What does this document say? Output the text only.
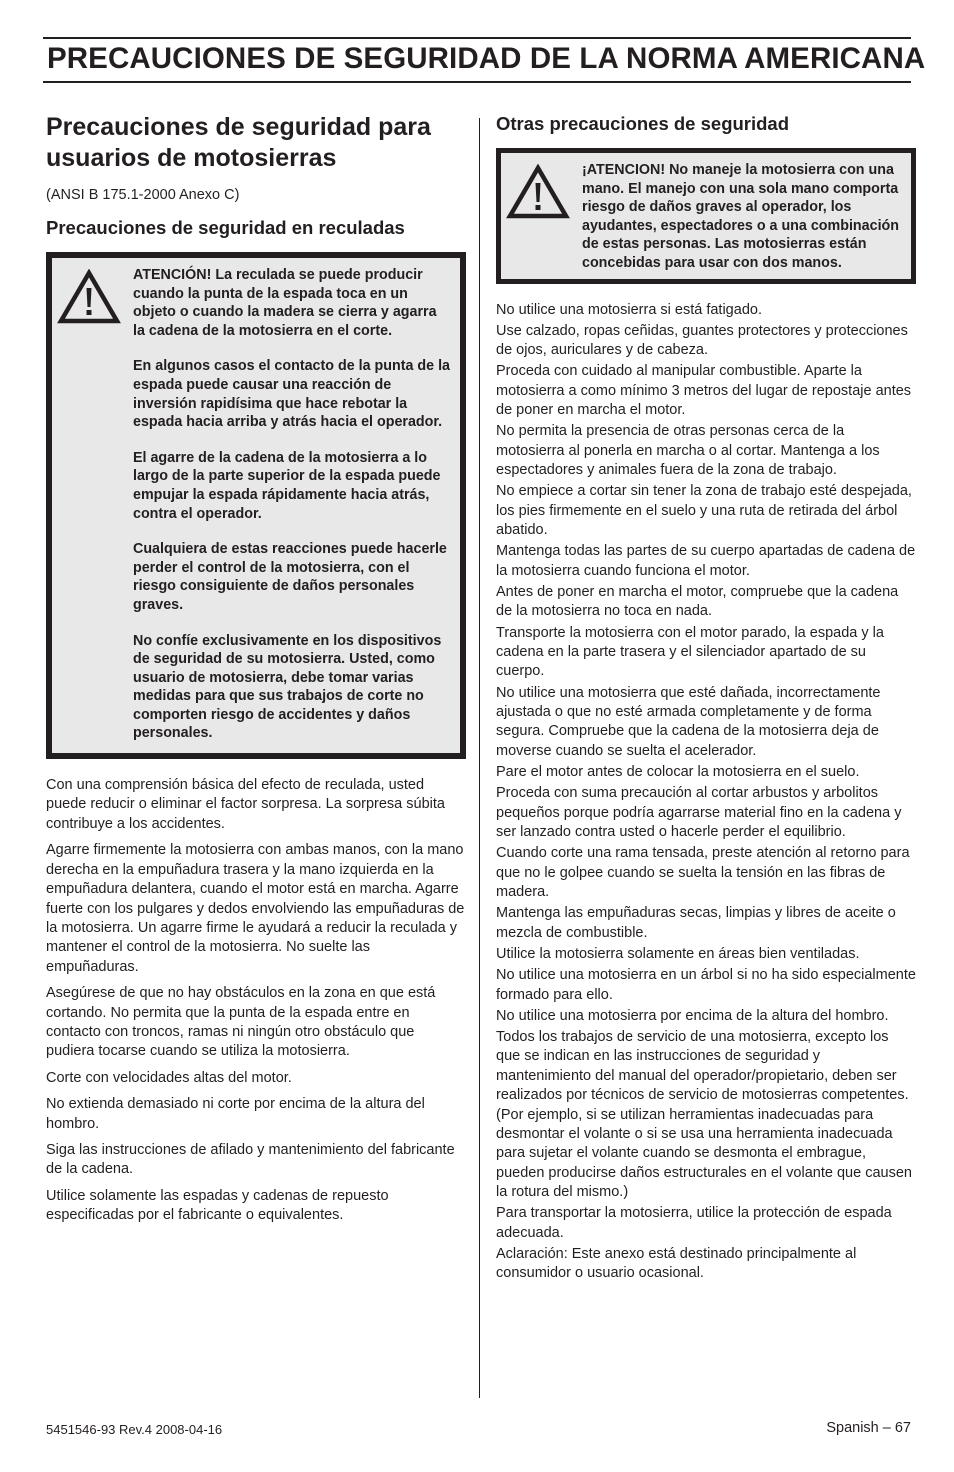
PRECAUCIONES DE SEGURIDAD DE LA NORMA AMERICANA
Precauciones de seguridad para usuarios de motosierras
(ANSI B 175.1-2000 Anexo C)
Precauciones de seguridad en reculadas

ATENCIÓN! La reculada se puede producir cuando la punta de la espada toca en un objeto o cuando la madera se cierra y agarra la cadena de la motosierra en el corte.

En algunos casos el contacto de la punta de la espada puede causar una reacción de inversión rapidísima que hace rebotar la espada hacia arriba y atrás hacia el operador.

El agarre de la cadena de la motosierra a lo largo de la parte superior de la espada puede empujar la espada rápidamente hacia atrás, contra el operador.

Cualquiera de estas reacciones puede hacerle perder el control de la motosierra, con el riesgo consiguiente de daños personales graves.

No confíe exclusivamente en los dispositivos de seguridad de su motosierra. Usted, como usuario de motosierra, debe tomar varias medidas para que sus trabajos de corte no comporten riesgo de accidentes y daños personales.

Con una comprensión básica del efecto de reculada, usted puede reducir o eliminar el factor sorpresa. La sorpresa súbita contribuye a los accidentes.

Agarre firmemente la motosierra con ambas manos, con la mano derecha en la empuñadura trasera y la mano izquierda en la empuñadura delantera, cuando el motor está en marcha. Agarre fuerte con los pulgares y dedos envolviendo las empuñaduras de la motosierra. Un agarre firme le ayudará a reducir la reculada y mantener el control de la motosierra. No suelte las empuñaduras.

Asegúrese de que no hay obstáculos en la zona en que está cortando. No permita que la punta de la espada entre en contacto con troncos, ramas ni ningún otro obstáculo que pudiera tocarse cuando se utiliza la motosierra.

Corte con velocidades altas del motor.

No extienda demasiado ni corte por encima de la altura del hombro.

Siga las instrucciones de afilado y mantenimiento del fabricante de la cadena.

Utilice solamente las espadas y cadenas de repuesto especificadas por el fabricante o equivalentes.

Otras precauciones de seguridad

¡ATENCION! No maneje la motosierra con una mano. El manejo con una sola mano comporta riesgo de daños graves al operador, los ayudantes, espectadores o a una combinación de estas personas. Las motosierras están concebidas para usar con dos manos.

No utilice una motosierra si está fatigado.

Use calzado, ropas ceñidas, guantes protectores y protecciones de ojos, auriculares y de cabeza.

Proceda con cuidado al manipular combustible. Aparte la motosierra a como mínimo 3 metros del lugar de repostaje antes de poner en marcha el motor.

No permita la presencia de otras personas cerca de la motosierra al ponerla en marcha o al cortar. Mantenga a los espectadores y animales fuera de la zona de trabajo.

No empiece a cortar sin tener la zona de trabajo esté despejada, los pies firmemente en el suelo y una ruta de retirada del árbol abatido.

Mantenga todas las partes de su cuerpo apartadas de cadena de la motosierra cuando funciona el motor.

Antes de poner en marcha el motor, compruebe que la cadena de la motosierra no toca en nada.

Transporte la motosierra con el motor parado, la espada y la cadena en la parte trasera y el silenciador apartado de su cuerpo.

No utilice una motosierra que esté dañada, incorrectamente ajustada o que no esté armada completamente y de forma segura. Compruebe que la cadena de la motosierra deja de moverse cuando se suelta el acelerador.

Pare el motor antes de colocar la motosierra en el suelo.

Proceda con suma precaución al cortar arbustos y arbolitos pequeños porque podría agarrarse material fino en la cadena y ser lanzado contra usted o hacerle perder el equilibrio.

Cuando corte una rama tensada, preste atención al retorno para que no le golpee cuando se suelta la tensión en las fibras de madera.

Mantenga las empuñaduras secas, limpias y libres de aceite o mezcla de combustible.

Utilice la motosierra solamente en áreas bien ventiladas.

No utilice una motosierra en un árbol si no ha sido especialmente formado para ello.

No utilice una motosierra por encima de la altura del hombro.

Todos los trabajos de servicio de una motosierra, excepto los que se indican en las instrucciones de seguridad y mantenimiento del manual del operador/propietario, deben ser realizados por técnicos de servicio de motosierras competentes. (Por ejemplo, si se utilizan herramientas inadecuadas para desmontar el volante o si se usa una herramienta inadecuada para sujetar el volante cuando se desmonta el embrague, pueden producirse daños estructurales en el volante que causen la rotura del mismo.)

Para transportar la motosierra, utilice la protección de espada adecuada.

Aclaración: Este anexo está destinado principalmente al consumidor o usuario ocasional.

5451546-93 Rev.4 2008-04-16	Spanish – 67
